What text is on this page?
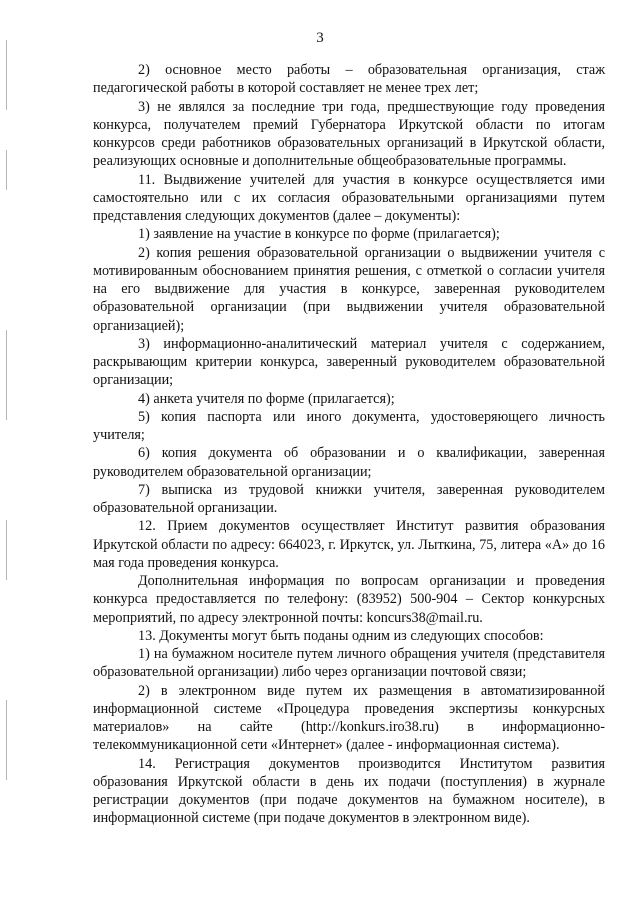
3

2) основное место работы – образовательная организация, стаж педагогической работы в которой составляет не менее трех лет;

3) не являлся за последние три года, предшествующие году проведения конкурса, получателем премий Губернатора Иркутской области по итогам конкурсов среди работников образовательных организаций в Иркутской области, реализующих основные и дополнительные общеобразовательные программы.

11. Выдвижение учителей для участия в конкурсе осуществляется ими самостоятельно или с их согласия образовательными организациями путем представления следующих документов (далее – документы):

1) заявление на участие в конкурсе по форме (прилагается);

2) копия решения образовательной организации о выдвижении учителя с мотивированным обоснованием принятия решения, с отметкой о согласии учителя на его выдвижение для участия в конкурсе, заверенная руководителем образовательной организации (при выдвижении учителя образовательной организацией);

3) информационно-аналитический материал учителя с содержанием, раскрывающим критерии конкурса, заверенный руководителем образовательной организации;

4) анкета учителя по форме (прилагается);

5) копия паспорта или иного документа, удостоверяющего личность учителя;

6) копия документа об образовании и о квалификации, заверенная руководителем образовательной организации;

7) выписка из трудовой книжки учителя, заверенная руководителем образовательной организации.

12. Прием документов осуществляет Институт развития образования Иркутской области по адресу: 664023, г. Иркутск, ул. Лыткина, 75, литера «А» до 16 мая года проведения конкурса.

Дополнительная информация по вопросам организации и проведения конкурса предоставляется по телефону: (83952) 500-904 – Сектор конкурсных мероприятий, по адресу электронной почты: koncurs38@mail.ru.

13. Документы могут быть поданы одним из следующих способов:

1) на бумажном носителе путем личного обращения учителя (представителя образовательной организации) либо через организации почтовой связи;

2) в электронном виде путем их размещения в автоматизированной информационной системе «Процедура проведения экспертизы конкурсных материалов» на сайте (http://konkurs.iro38.ru) в информационно-телекоммуникационной сети «Интернет» (далее - информационная система).

14. Регистрация документов производится Институтом развития образования Иркутской области в день их подачи (поступления) в журнале регистрации документов (при подаче документов на бумажном носителе), в информационной системе (при подаче документов в электронном виде).
